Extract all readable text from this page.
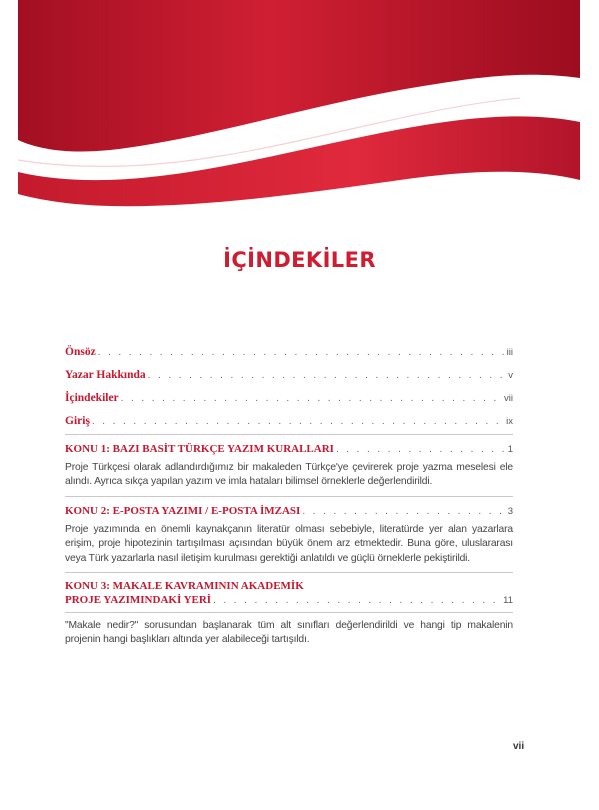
İÇİNDEKİLER
Önsöz . . .	iii
Yazar Hakkında . . .	v
İçindekiler . . .	vii
Giriş . . .	ix
KONU 1: BAZI BASİT TÜRKÇE YAZIM KURALLARI . . .	1
Proje Türkçesi olarak adlandırdığımız bir makaleden Türkçe'ye çevirerek proje yazma meselesi ele alındı. Ayrıca sıkça yapılan yazım ve imla hataları bilimsel örneklerle değerlendirildi.
KONU 2: E-POSTA YAZIMI / E-POSTA İMZASI . . .	3
Proje yazımında en önemli kaynakçanın literatür olması sebebiyle, literatürde yer alan yazarlara erişim, proje hipotezinin tartışılması açısından büyük önem arz etmektedir. Buna göre, uluslararası veya Türk yazarlarla nasıl iletişim kurulması gerektiği anlatıldı ve güçlü örneklerle pekiştirildi.
KONU 3: MAKALE KAVRAMININ AKADEMİK
PROJE YAZIMINDAKİ YERİ . . .	11
"Makale nedir?" sorusundan başlanarak tüm alt sınıfları değerlendirildi ve hangi tip makalenin projenin hangi başlıkları altında yer alabileceği tartışıldı.
vii
